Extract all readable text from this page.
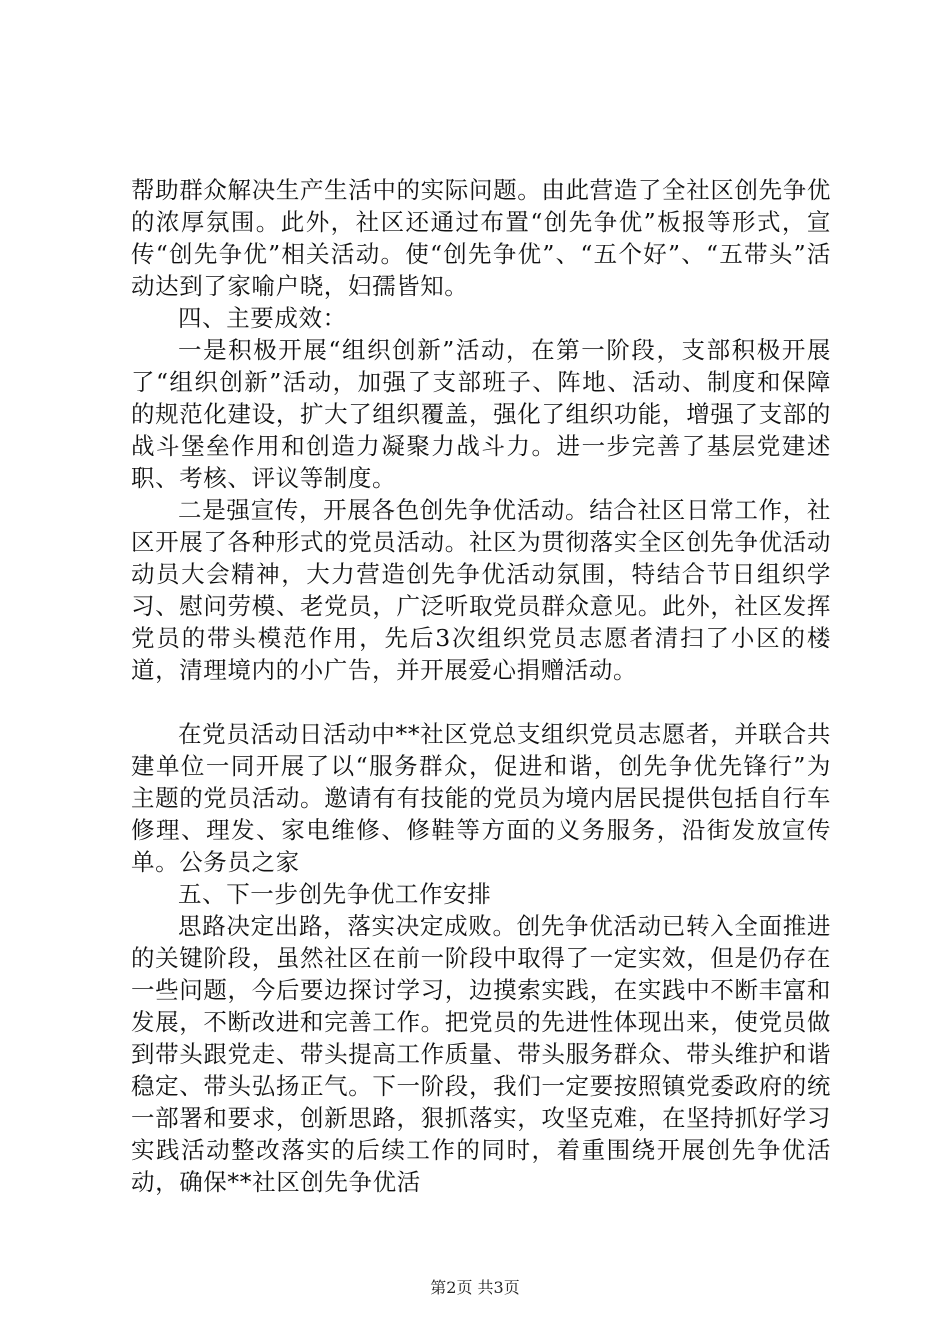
帮助群众解决生产生活中的实际问题。由此营造了全社区创先争优的浓厚氛围。此外，社区还通过布置“创先争优”板报等形式，宣传“创先争优”相关活动。使“创先争优”、“五个好”、“五带头”活动达到了家喻户晓，妇孺皆知。

四、主要成效：

一是积极开展“组织创新”活动，在第一阶段，支部积极开展了“组织创新”活动，加强了支部班子、阵地、活动、制度和保障的规范化建设，扩大了组织覆盖，强化了组织功能，增强了支部的战斗堡垒作用和创造力凝聚力战斗力。进一步完善了基层党建述职、考核、评议等制度。

二是强宣传，开展各色创先争优活动。结合社区日常工作，社区开展了各种形式的党员活动。社区为贯彻落实全区创先争优活动动员大会精神，大力营造创先争优活动氛围，特结合节日组织学习、慰问劳模、老党员，广泛听取党员群众意见。此外，社区发挥党员的带头模范作用，先后3次组织党员志愿者清扫了小区的楼道，清理境内的小广告，并开展爱心捐赠活动。

在党员活动日活动中**社区党总支组织党员志愿者，并联合共建单位一同开展了以“服务群众，促进和谐，创先争优先锋行”为主题的党员活动。邀请有有技能的党员为境内居民提供包括自行车修理、理发、家电维修、修鞋等方面的义务服务，沿街发放宣传单。公务员之家

五、下一步创先争优工作安排

思路决定出路，落实决定成败。创先争优活动已转入全面推进的关键阶段，虽然社区在前一阶段中取得了一定实效，但是仍存在一些问题，今后要边探讨学习，边摸索实践，在实践中不断丰富和发展，不断改进和完善工作。把党员的先进性体现出来，使党员做到带头跟党走、带头提高工作质量、带头服务群众、带头维护和谐稳定、带头弘扬正气。下一阶段，我们一定要按照镇党委政府的统一部署和要求，创新思路，狠抓落实，攻坚克难，在坚持抓好学习实践活动整改落实的后续工作的同时，着重围绕开展创先争优活动，确保**社区创先争优活

第2页 共3页
